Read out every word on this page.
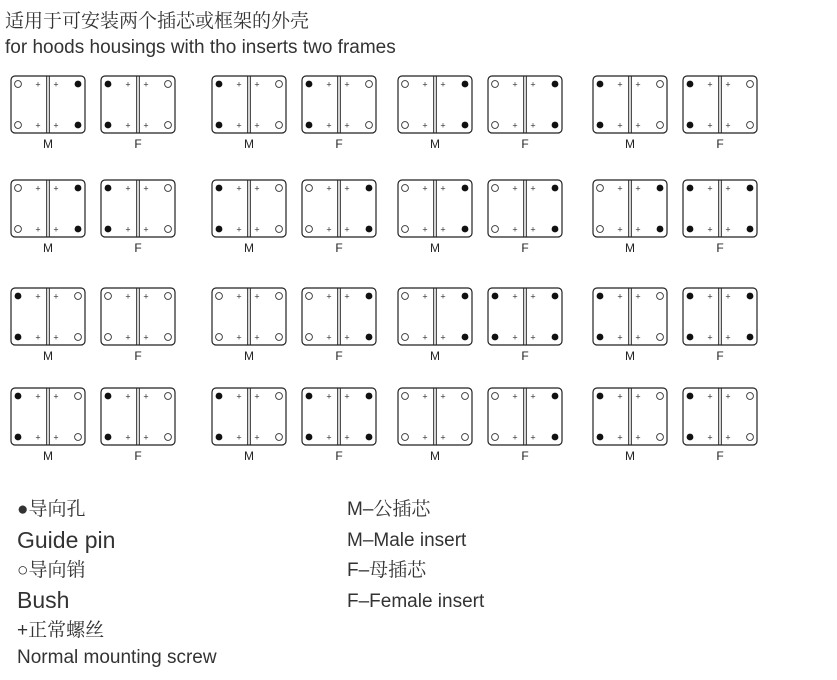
适用于可安装两个插芯或框架的外壳
for hoods housings with tho inserts two frames
+ +
+ +
+ +
+ +
M	F
+ +
+ +
+ +
+ +
M	F
+ +
+ +
+ +
+ +
M	F
+ +
+ +
+ +
+ +
M	F
+ +
+ +
+ +
+ +
M	F
+ +
+ +
+ +
+ +
M	F
+ +
+ +
+ +
+ +
M	F
+ +
+ +
+ +
+ +
M	F
+ +
+ +
+ +
+ +
M	F
+ +
+ +
+ +
+ +
M	F
+ +
+ +
+ +
+ +
M	F
+ +
+ +
+ +
+ +
M	F
+ +
+ +
+ +
+ +
M	F
+ +
+ +
+ +
+ +
M	F
+ +
+ +
+ +
+ +
M	F
+ +
+ +
+ +
+ +
M	F
●导向孔
Guide pin
○导向销
Bush
+正常螺丝
Normal mounting screw
M–公插芯
M–Male insert
F–母插芯
F–Female insert
